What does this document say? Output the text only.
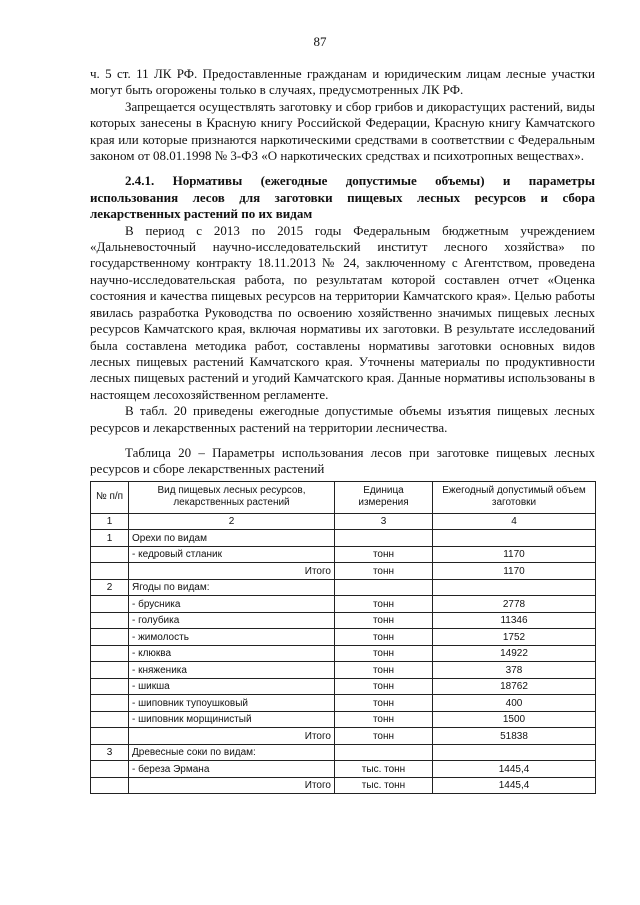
87

ч. 5 ст. 11 ЛК РФ. Предоставленные гражданам и юридическим лицам лесные участки могут быть огорожены только в случаях, предусмотренных ЛК РФ.

Запрещается осуществлять заготовку и сбор грибов и дикорастущих растений, виды которых занесены в Красную книгу Российской Федерации, Красную книгу Камчатского края или которые признаются наркотическими средствами в соответствии с Федеральным законом от 08.01.1998 № 3-ФЗ «О наркотических средствах и психотропных веществах».

2.4.1. Нормативы (ежегодные допустимые объемы) и параметры использования лесов для заготовки пищевых лесных ресурсов и сбора лекарственных растений по их видам

В период с 2013 по 2015 годы Федеральным бюджетным учреждением «Дальневосточный научно-исследовательский институт лесного хозяйства» по государственному контракту 18.11.2013 № 24, заключенному с Агентством, проведена научно-исследовательская работа, по результатам которой составлен отчет «Оценка состояния и качества пищевых ресурсов на территории Камчатского края». Целью работы явилась разработка Руководства по освоению хозяйственно значимых пищевых лесных ресурсов Камчатского края, включая нормативы их заготовки. В результате исследований была составлена методика работ, составлены нормативы заготовки основных видов лесных пищевых растений Камчатского края. Уточнены материалы по продуктивности лесных пищевых растений и угодий Камчатского края. Данные нормативы использованы в настоящем лесохозяйственном регламенте.

В табл. 20 приведены ежегодные допустимые объемы изъятия пищевых лесных ресурсов и лекарственных растений на территории лесничества.

Таблица 20 – Параметры использования лесов при заготовке пищевых лесных ресурсов и сборе лекарственных растений

№ п/п	Вид пищевых лесных ресурсов, лекарственных растений	Единица измерения	Ежегодный допустимый объем заготовки
1	2	3	4
1	Орехи по видам		
	- кедровый стланик	тонн	1170
	Итого	тонн	1170
2	Ягоды по видам:		
	- брусника	тонн	2778
	- голубика	тонн	11346
	- жимолость	тонн	1752
	- клюква	тонн	14922
	- княженика	тонн	378
	- шикша	тонн	18762
	- шиповник тупоушковый	тонн	400
	- шиповник морщинистый	тонн	1500
	Итого	тонн	51838
3	Древесные соки по видам:		
	- береза Эрмана	тыс. тонн	1445,4
	Итого	тыс. тонн	1445,4
